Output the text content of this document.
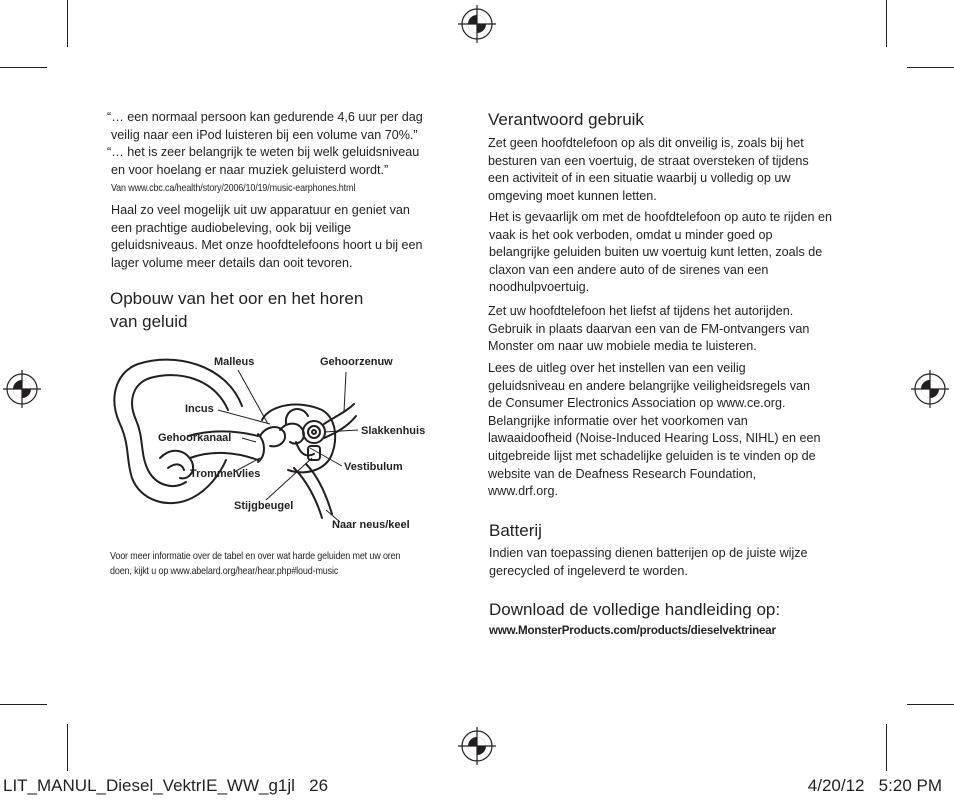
“… een normaal persoon kan gedurende 4,6 uur per dag
veilig naar een iPod luisteren bij een volume van 70%.”
“… het is zeer belangrijk te weten bij welk geluidsniveau
en voor hoelang er naar muziek geluisterd wordt.”
Van www.cbc.ca/health/story/2006/10/19/music-earphones.html
Haal zo veel mogelijk uit uw apparatuur en geniet van een prachtige audiobeleving, ook bij veilige geluidsniveaus. Met onze hoofdtelefoons hoort u bij een lager volume meer details dan ooit tevoren.
Opbouw van het oor en het horen
van geluid
Malleus	Gehoorzenuw
Incus
Slakkenhuis
Gehoorkanaal
Vestibulum
Trommelvlies
Stijgbeugel
Naar neus/keel
Voor meer informatie over de tabel en over wat harde geluiden met uw oren
doen, kijkt u op www.abelard.org/hear/hear.php#loud-music
Verantwoord gebruik
Zet geen hoofdtelefoon op als dit onveilig is, zoals bij het besturen van een voertuig, de straat oversteken of tijdens een activiteit of in een situatie waarbij u volledig op uw omgeving moet kunnen letten.
Het is gevaarlijk om met de hoofdtelefoon op auto te rijden en vaak is het ook verboden, omdat u minder goed op belangrijke geluiden buiten uw voertuig kunt letten, zoals de claxon van een andere auto of de sirenes van een noodhulpvoertuig.
Zet uw hoofdtelefoon het liefst af tijdens het autorijden. Gebruik in plaats daarvan een van de FM-ontvangers van Monster om naar uw mobiele media te luisteren.
Lees de uitleg over het instellen van een veilig geluidsniveau en andere belangrijke veiligheidsregels van de Consumer Electronics Association op www.ce.org. Belangrijke informatie over het voorkomen van lawaaidoofheid (Noise-Induced Hearing Loss, NIHL) en een uitgebreide lijst met schadelijke geluiden is te vinden op de website van de Deafness Research Foundation, www.drf.org.
Batterij
Indien van toepassing dienen batterijen op de juiste wijze gerecycled of ingeleverd te worden.
Download de volledige handleiding op:
www.MonsterProducts.com/products/dieselvektrinear
LIT_MANUL_Diesel_VektrIE_WW_g1jl   26	4/20/12   5:20 PM
